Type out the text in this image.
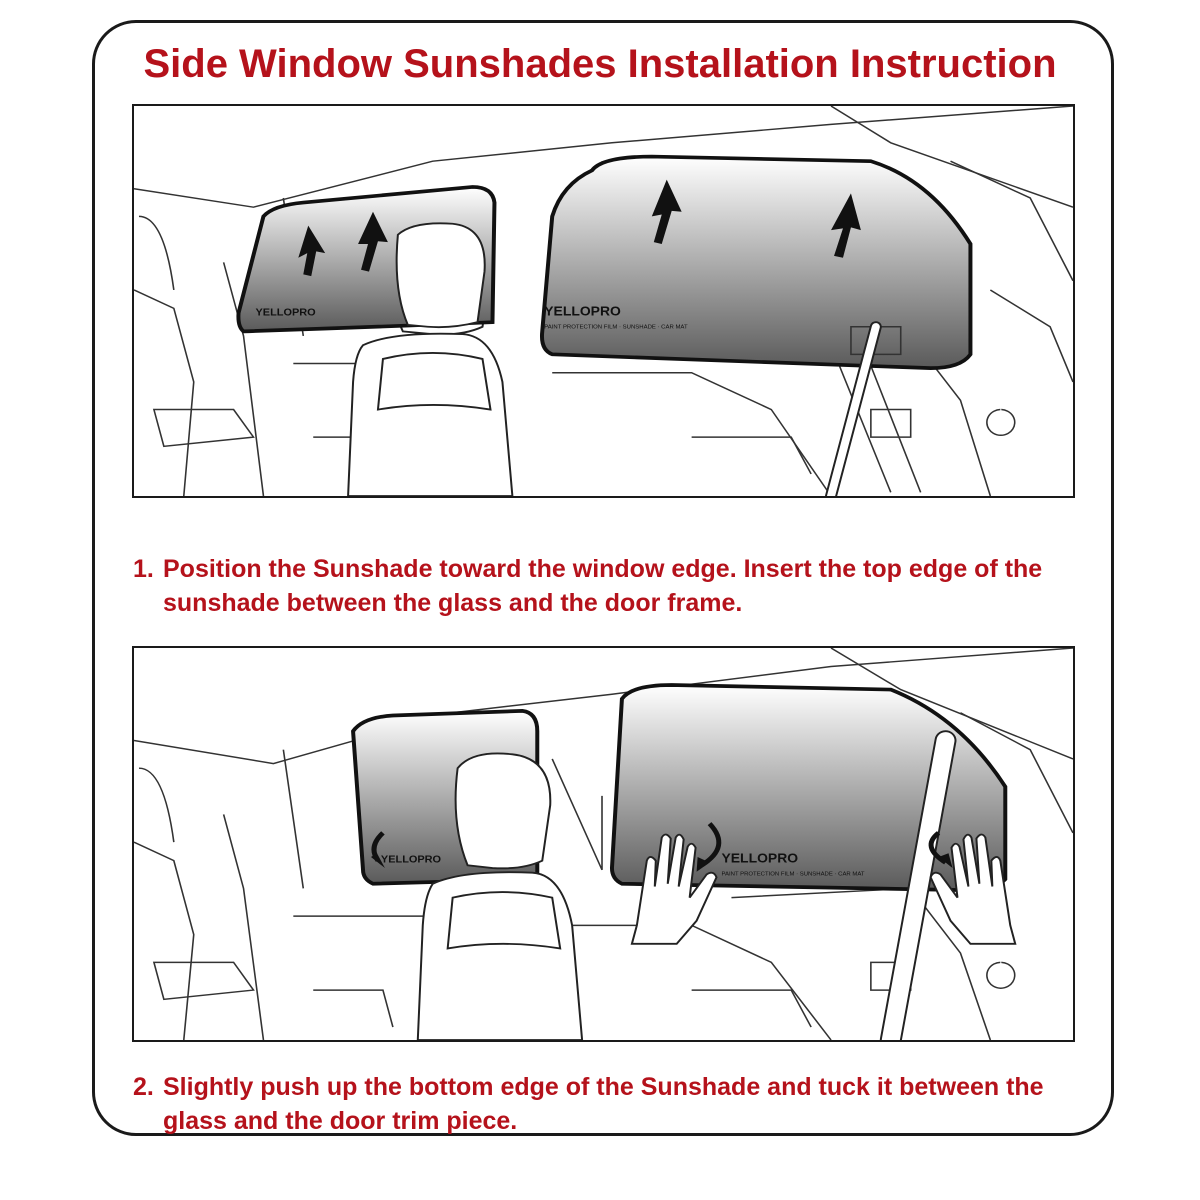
Side Window Sunshades Installation Instruction
YELLOPRO	YELLOPRO
PAINT PROTECTION FILM · SUNSHADE · CAR MAT
1. Position the Sunshade toward the window edge. Insert the top edge of the sunshade between the glass and the door frame.
YELLOPRO	YELLOPRO
PAINT PROTECTION FILM · SUNSHADE · CAR MAT
2. Slightly push up the bottom edge of the Sunshade and tuck it between the glass and the door trim piece.
